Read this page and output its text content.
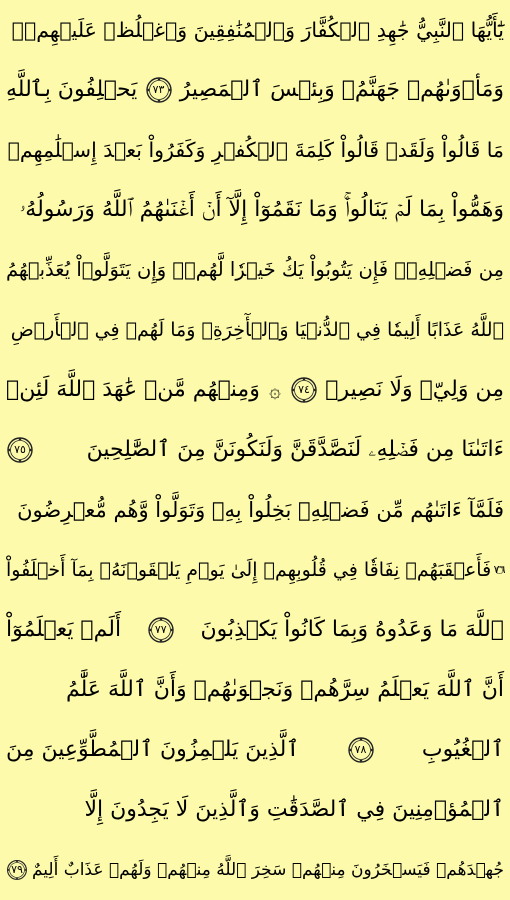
يَٰٓأَيُّهَا ٱلنَّبِيُّ جَٰهِدِ ٱلۡكُفَّارَ وَٱلۡمُنَٰفِقِينَ وَٱغۡلُظۡ عَلَيۡهِمۡۚ
وَمَأۡوَىٰهُمۡ جَهَنَّمُۖ وَبِئۡسَ ٱلۡمَصِيرُ
٧٣
يَحۡلِفُونَ بِٱللَّهِ
مَا قَالُواْ وَلَقَدۡ قَالُواْ كَلِمَةَ ٱلۡكُفۡرِ وَكَفَرُواْ بَعۡدَ إِسۡلَٰمِهِمۡ
وَهَمُّواْ بِمَا لَمۡ يَنَالُواْۚ وَمَا نَقَمُوٓاْ إِلَّآ أَنۡ أَغۡنَىٰهُمُ ٱللَّهُ وَرَسُولُهُۥ
مِن فَضۡلِهِۦۚ فَإِن يَتُوبُواْ يَكُ خَيۡرٗا لَّهُمۡۖ وَإِن يَتَوَلَّوۡاْ يُعَذِّبۡهُمُ
ٱللَّهُ عَذَابًا أَلِيمٗا فِي ٱلدُّنۡيَا وَٱلۡأٓخِرَةِۚ وَمَا لَهُمۡ فِي ٱلۡأَرۡضِ
مِن وَلِيّٖ وَلَا نَصِيرٖ
٧٤
۞
وَمِنۡهُم مَّنۡ عَٰهَدَ ٱللَّهَ لَئِنۡ
ءَاتَىٰنَا مِن فَضۡلِهِۦ لَنَصَّدَّقَنَّ وَلَنَكُونَنَّ مِنَ ٱلصَّٰلِحِينَ
٧٥
فَلَمَّآ ءَاتَىٰهُم مِّن فَضۡلِهِۦ بَخِلُواْ بِهِۦ وَتَوَلَّواْ وَّهُم مُّعۡرِضُونَ
٧٦
فَأَعۡقَبَهُمۡ نِفَاقٗا فِي قُلُوبِهِمۡ إِلَىٰ يَوۡمِ يَلۡقَوۡنَهُۥ بِمَآ أَخۡلَفُواْ
ٱللَّهَ مَا وَعَدُوهُ وَبِمَا كَانُواْ يَكۡذِبُونَ
٧٧
أَلَمۡ يَعۡلَمُوٓاْ
أَنَّ ٱللَّهَ يَعۡلَمُ سِرَّهُمۡ وَنَجۡوَىٰهُمۡ وَأَنَّ ٱللَّهَ عَلَّٰمُ
ٱلۡغُيُوبِ
٧٨
ٱلَّذِينَ يَلۡمِزُونَ ٱلۡمُطَّوِّعِينَ مِنَ
ٱلۡمُؤۡمِنِينَ فِي ٱلصَّدَقَٰتِ وَٱلَّذِينَ لَا يَجِدُونَ إِلَّا
جُهۡدَهُمۡ فَيَسۡخَرُونَ مِنۡهُمۡ سَخِرَ ٱللَّهُ مِنۡهُمۡ وَلَهُمۡ عَذَابٌ أَلِيمٌ
٧٩
